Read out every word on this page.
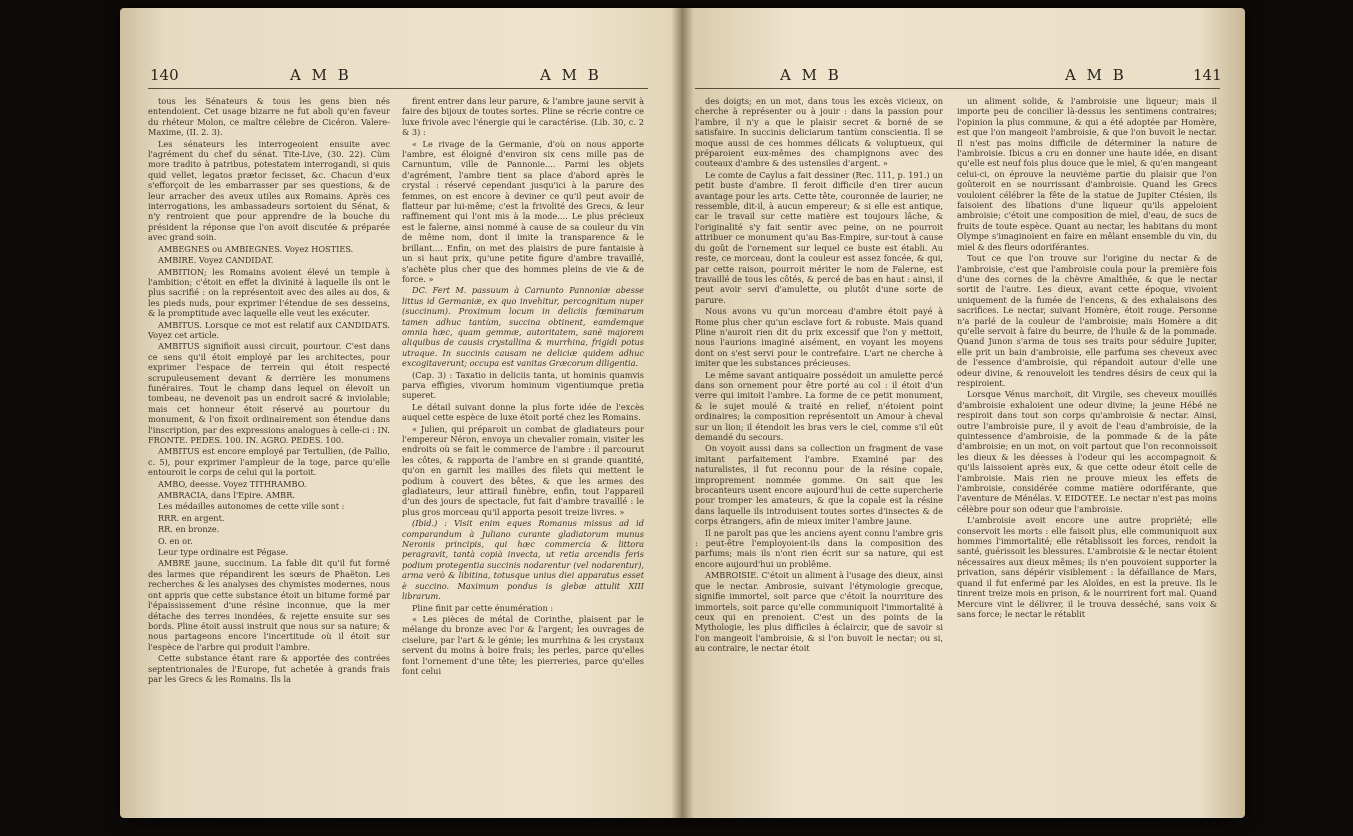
140	A M B	A M B

tous les Sénateurs & tous les gens bien nés entendoient. Cet usage bizarre ne fut aboli qu'en faveur du rhéteur Molon, ce maître célebre de Cicéron. Valere-Maxime, (II. 2. 3).

Les sénateurs les interrogeoient ensuite avec l'agrément du chef du sénat. Tite-Live, (30. 22). Cùm more tradito à patribus, potestatem interrogandi, si quis quid vellet, legatos prætor fecisset, &c. Chacun d'eux s'efforçoit de les embarrasser par ses questions, & de leur arracher des aveux utiles aux Romains. Après ces interrogations, les ambassadeurs sortoient du Sénat, & n'y rentroient que pour apprendre de la bouche du président la réponse que l'on avoit discutée & préparée avec grand soin.

AMBEGNES ou AMBIEGNES. Voyez HOSTIES.

AMBIRE. Voyez CANDIDAT.

AMBITION; les Romains avoient élevé un temple à l'ambition; c'étoit en effet la divinité à laquelle ils ont le plus sacrifié : on la représentoit avec des ailes au dos, & les pieds nuds, pour exprimer l'étendue de ses desseins, & la promptitude avec laquelle elle veut les exécuter.

AMBITUS. Lorsque ce mot est relatif aux CANDIDATS. Voyez cet article.

AMBITUS signifioit aussi circuit, pourtour. C'est dans ce sens qu'il étoit employé par les architectes, pour exprimer l'espace de terrein qui étoit respecté scrupuleusement devant & derrière les monumens funéraires. Tout le champ dans lequel on élevoit un tombeau, ne devenoit pas un endroit sacré & inviolable; mais cet honneur étoit réservé au pourtour du monument, & l'on fixoit ordinairement son étendue dans l'inscription, par des expressions analogues à celle-ci : IN. FRONTE. PEDES. 100. IN. AGRO. PEDES. 100.

AMBITUS est encore employé par Tertullien, (de Pallio, c. 5), pour exprimer l'ampleur de la toge, parce qu'elle entouroit le corps de celui qui la portoit.

AMBO, deesse. Voyez TITHRAMBO.

AMBRACIA, dans l'Epire. AMBR.

Les médailles autonomes de cette ville sont :

RRR. en argent.

RR. en bronze.

O. en or.

Leur type ordinaire est Pégase.

AMBRE jaune, succinum. La fable dit qu'il fut formé des larmes que répandirent les sœurs de Phaëton. Les recherches & les analyses des chymistes modernes, nous ont appris que cette substance étoit un bitume formé par l'épaississement d'une résine inconnue, que la mer détache des terres inondées, & rejette ensuite sur ses bords. Pline étoit aussi instruit que nous sur sa nature; & nous partageons encore l'incertitude où il étoit sur l'espèce de l'arbre qui produit l'ambre.

Cette substance étant rare & apportée des contrées septentrionales de l'Europe, fut achetée à grands frais par les Grecs & les Romains. Ils la

firent entrer dans leur parure, & l'ambre jaune servit à faire des bijoux de toutes sortes. Pline se récrie contre ce luxe frivole avec l'énergie qui le caractérise. (Lib. 30, c. 2 & 3) :

« Le rivage de la Germanie, d'où on nous apporte l'ambre, est éloigné d'environ six cens mille pas de Carnuntum, ville de Pannonie.... Parmi les objets d'agrément, l'ambre tient sa place d'abord après le crystal : réservé cependant jusqu'ici à la parure des femmes, on est encore à deviner ce qu'il peut avoir de flatteur par lui-même; c'est la frivolité des Grecs, & leur raffinement qui l'ont mis à la mode.... Le plus précieux est le falerne, ainsi nommé à cause de sa couleur du vin de même nom, dont il imite la transparence & le brillant.... Enfin, on met des plaisirs de pure fantaisie à un si haut prix, qu'une petite figure d'ambre travaillé, s'achète plus cher que des hommes pleins de vie & de force. »

DC. Fert M. passuum à Carnunto Pannoniæ abesse littus id Germaniæ, ex quo invehitur, percognitum nuper (succinum). Proximum locum in deliciis fœminarum tamen adhuc tantùm, succina obtinent, eamdemque omnia hæc, quam gemmæ, autoritatem, sanè majorem aliquibus de causis crystallina & murrhina, frigidi potus utraque. In succinis causam ne deliciæ quidem adhuc excogitaverunt; occupa est vanitas Græcorum diligentia.

(Cap. 3) : Taxatio in deliciis tanta, ut hominis quamvis parva effigies, vivorum hominum vigentiumque pretia superet.

Le détail suivant donne la plus forte idée de l'excès auquel cette espèce de luxe étoit porté chez les Romains.

« Julien, qui préparoit un combat de gladiateurs pour l'empereur Néron, envoya un chevalier romain, visiter les endroits où se fait le commerce de l'ambre : il parcourut les côtes, & rapporta de l'ambre en si grande quantité, qu'on en garnit les mailles des filets qui mettent le podium à couvert des bêtes, & que les armes des gladiateurs, leur attirail funèbre, enfin, tout l'appareil d'un des jours de spectacle, fut fait d'ambre travaillé : le plus gros morceau qu'il apporta pesoit treize livres. »

(Ibid.) : Visit enim eques Romanus missus ad id comparandum à Juliano curante gladiatorum munus Neronis principis, qui hæc commercia & littora peragravit, tantà copià invecta, ut retia arcendis feris podium protegentia succinis nodarentur (vel nodarentur), arma verò & libitina, totusque unius diei apparatus esset è succino. Maximum pondus is glebæ attulit XIII librarum.

Pline finit par cette énumération :

« Les pièces de métal de Corinthe, plaisent par le mélange du bronze avec l'or & l'argent; les ouvrages de ciselure, par l'art & le génie; les murrhina & les crystaux servent du moins à boire frais; les perles, parce qu'elles font l'ornement d'une tête; les pierreries, parce qu'elles font celui

A M B	A M B	141

des doigts; en un mot, dans tous les excès vicieux, on cherche à représenter ou à jouir : dans la passion pour l'ambre, il n'y a que le plaisir secret & borné de se satisfaire. In succinis deliciarum tantùm conscientia. Il se moque aussi de ces hommes délicats & voluptueux, qui préparoient eux-mêmes des champignons avec des couteaux d'ambre & des ustensiles d'argent. »

Le comte de Caylus a fait dessiner (Rec. 111, p. 191.) un petit buste d'ambre. Il feroit difficile d'en tirer aucun avantage pour les arts. Cette tête, couronnée de laurier, ne ressemble, dit-il, à aucun empereur; & si elle est antique, car le travail sur cette matière est toujours lâche, & l'originalité s'y fait sentir avec peine, on ne pourroit attribuer ce monument qu'au Bas-Empire, sur-tout à cause du goût de l'ornement sur lequel ce buste est établi. Au reste, ce morceau, dont la couleur est assez foncée, & qui, par cette raison, pourroit mériter le nom de Falerne, est travaillé de tous les côtés, & percé de bas en haut : ainsi, il peut avoir servi d'amulette, ou plutôt d'une sorte de parure.

Nous avons vu qu'un morceau d'ambre étoit payé à Rome plus cher qu'un esclave fort & robuste. Mais quand Pline n'auroit rien dit du prix excessif que l'on y mettoit, nous l'aurions imaginé aisément, en voyant les moyens dont on s'est servi pour le contrefaire. L'art ne cherche à imiter que les substances précieuses.

Le même savant antiquaire possédoit un amulette percé dans son ornement pour être porté au col : il étoit d'un verre qui imitoit l'ambre. La forme de ce petit monument, & le sujet moulé & traité en relief, n'étoient point ordinaires; la composition représentoit un Amour à cheval sur un lion; il étendoit les bras vers le ciel, comme s'il eût demandé du secours.

On voyoit aussi dans sa collection un fragment de vase imitant parfaitement l'ambre. Examiné par des naturalistes, il fut reconnu pour de la résine copale, improprement nommée gomme. On sait que les brocanteurs usent encore aujourd'hui de cette supercherie pour tromper les amateurs, & que la copale est la résine dans laquelle ils introduisent toutes sortes d'insectes & de corps étrangers, afin de mieux imiter l'ambre jaune.

Il ne paroît pas que les anciens ayent connu l'ambre gris : peut-être l'employoient-ils dans la composition des parfums; mais ils n'ont rien écrit sur sa nature, qui est encore aujourd'hui un problême.

AMBROISIE. C'étoit un aliment à l'usage des dieux, ainsi que le nectar. Ambrosie, suivant l'étymologie grecque, signifie immortel, soit parce que c'étoit la nourriture des immortels, soit parce qu'elle communiquoit l'immortalité à ceux qui en prenoient. C'est un des points de la Mythologie, les plus difficiles à éclaircir, que de savoir si l'on mangeoit l'ambroisie, & si l'on buvoit le nectar; ou si, au contraire, le nectar étoit

un aliment solide, & l'ambroisie une liqueur; mais il importe peu de concilier là-dessus les sentimens contraires; l'opinion la plus commune, & qui a été adoptée par Homère, est que l'on mangeoit l'ambroisie, & que l'on buvoit le nectar. Il n'est pas moins difficile de déterminer la nature de l'ambroisie. Ibicus a cru en donner une haute idée, en disant qu'elle est neuf fois plus douce que le miel, & qu'en mangeant celui-ci, on éprouve la neuvième partie du plaisir que l'on goûteroit en se nourrissant d'ambroisie. Quand les Grecs vouloient célébrer la fête de la statue de Jupiter Ctésien, ils faisoient des libations d'une liqueur qu'ils appeloient ambroisie; c'étoit une composition de miel, d'eau, de sucs de fruits de toute espèce. Quant au nectar, les habitans du mont Olympe s'imaginoient en faire en mêlant ensemble du vin, du miel & des fleurs odoriférantes.

Tout ce que l'on trouve sur l'origine du nectar & de l'ambroisie, c'est que l'ambroisie coula pour la première fois d'une des cornes de la chèvre Amalthée, & que le nectar sortit de l'autre. Les dieux, avant cette époque, vivoient uniquement de la fumée de l'encens, & des exhalaisons des sacrifices. Le nectar, suivant Homère, étoit rouge. Personne n'a parlé de la couleur de l'ambroisie; mais Homère a dit qu'elle servoit à faire du beurre, de l'huile & de la pommade. Quand Junon s'arma de tous ses traits pour séduire Jupiter, elle prit un bain d'ambroisie, elle parfuma ses cheveux avec de l'essence d'ambroisie, qui répandoit autour d'elle une odeur divine, & renouveloit les tendres désirs de ceux qui la respiroient.

Lorsque Vénus marchoit, dit Virgile, ses cheveux mouillés d'ambroisie exhaloient une odeur divine; la jeune Hébé ne respiroit dans tout son corps qu'ambroisie & nectar. Ainsi, outre l'ambroisie pure, il y avoit de l'eau d'ambroisie, de la quintessence d'ambroisie, de la pommade & de la pâte d'ambroisie; en un mot, on voit partout que l'on reconnoissoit les dieux & les déesses à l'odeur qui les accompagnoit & qu'ils laissoient après eux, & que cette odeur étoit celle de l'ambroisie. Mais rien ne prouve mieux les effets de l'ambroisie, considérée comme matière odoriférante, que l'aventure de Ménélas. V. EIDOTEE. Le nectar n'est pas moins célèbre pour son odeur que l'ambroisie.

L'ambroisie avoit encore une autre propriété; elle conservoit les morts : elle faisoit plus, elle communiquoit aux hommes l'immortalité; elle rétablissoit les forces, rendoit la santé, guérissoit les blessures. L'ambroisie & le nectar étoient nécessaires aux dieux mêmes; ils n'en pouvoient supporter la privation, sans dépérir visiblement : la défaillance de Mars, quand il fut enfermé par les Aloïdes, en est la preuve. Ils le tinrent treize mois en prison, & le nourrirent fort mal. Quand Mercure vint le délivrer, il le trouva desséché, sans voix & sans force; le nectar le rétablit
